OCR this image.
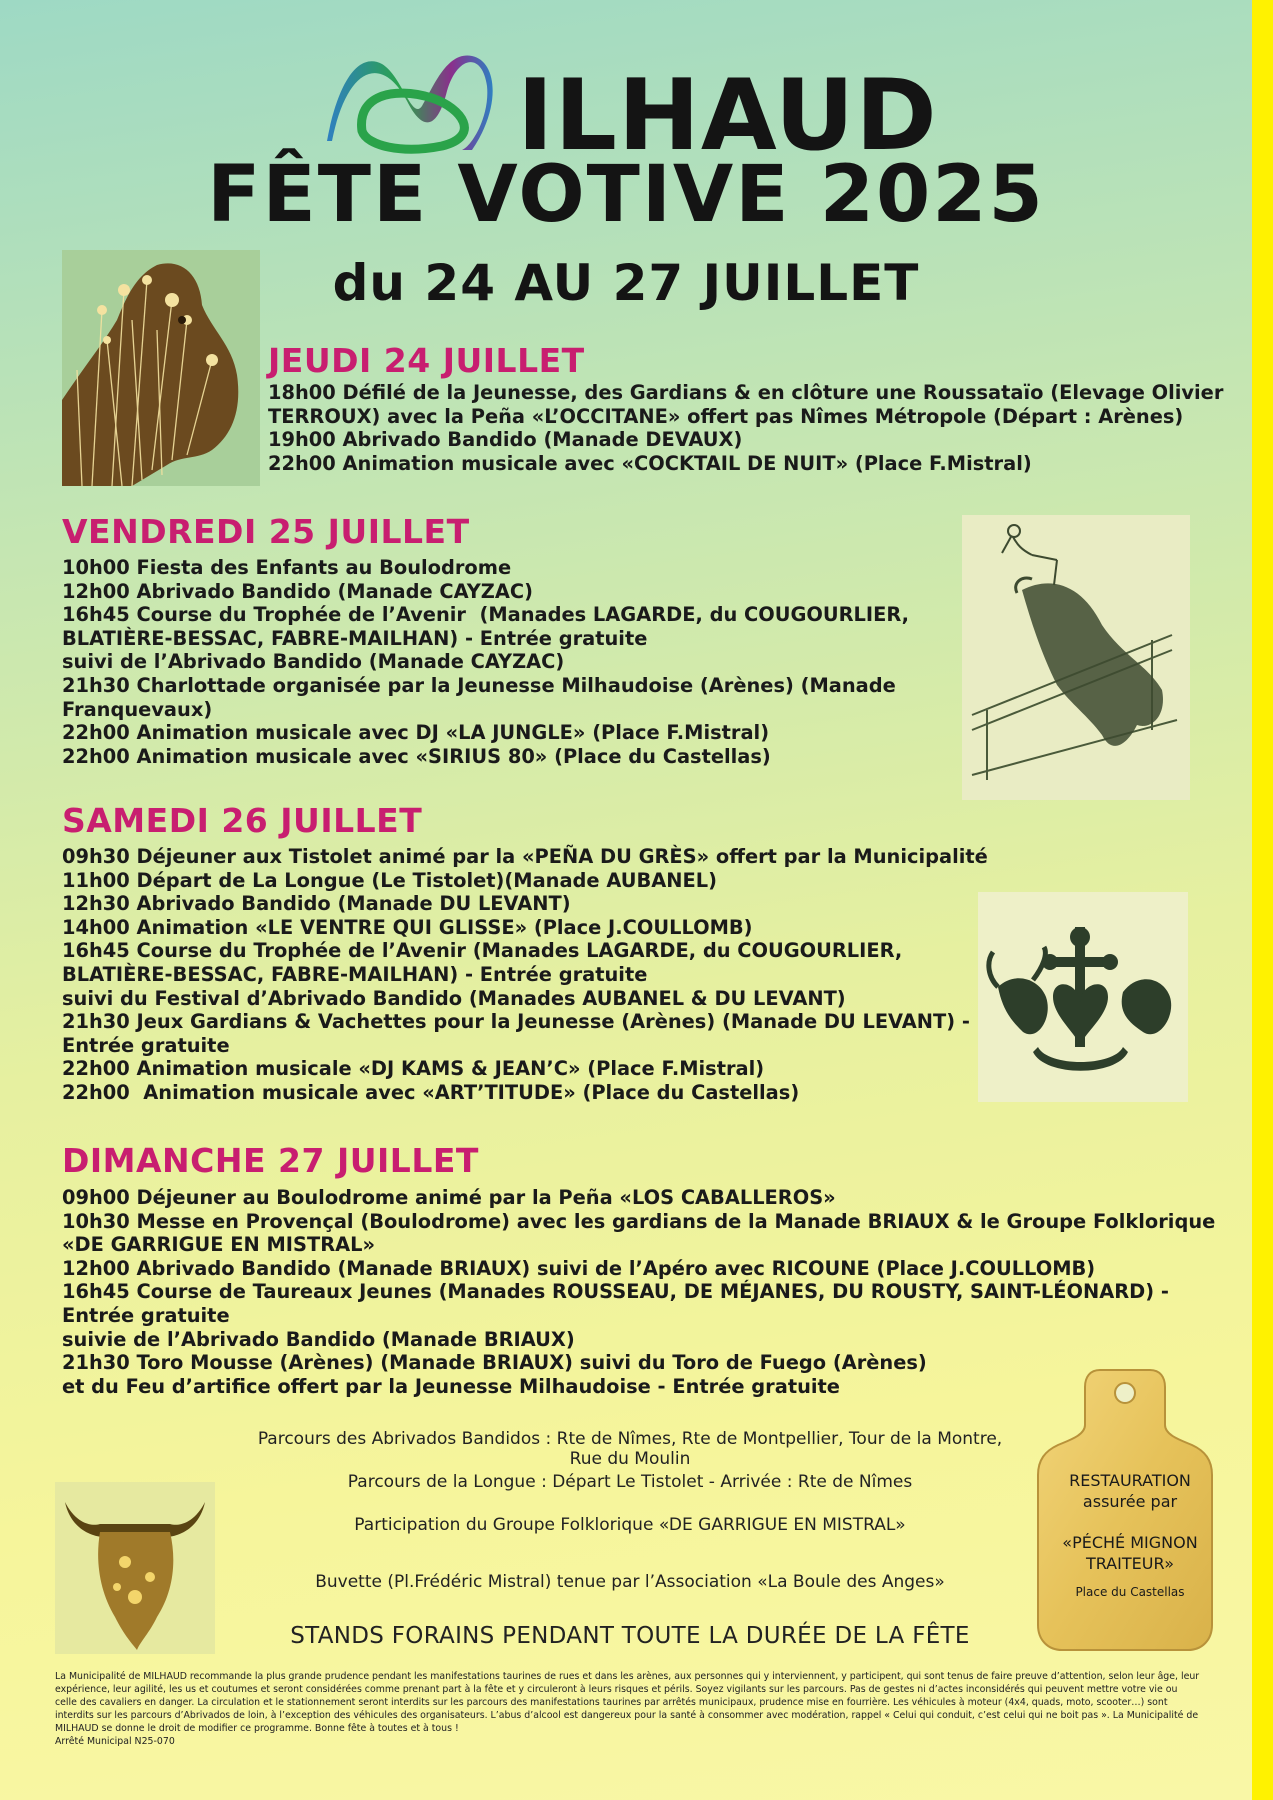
ILHAUD
FÊTE VOTIVE 2025
du 24 AU 27 JUILLET
JEUDI 24 JUILLET
18h00 Défilé de la Jeunesse, des Gardians & en clôture une Roussataïo (Elevage Olivier
TERROUX) avec la Peña «L’OCCITANE» offert pas Nîmes Métropole (Départ : Arènes)
19h00 Abrivado Bandido (Manade DEVAUX)
22h00 Animation musicale avec «COCKTAIL DE NUIT» (Place F.Mistral)
VENDREDI 25 JUILLET
10h00 Fiesta des Enfants au Boulodrome
12h00 Abrivado Bandido (Manade CAYZAC)
16h45 Course du Trophée de l’Avenir  (Manades LAGARDE, du COUGOURLIER,
BLATIÈRE-BESSAC, FABRE-MAILHAN) - Entrée gratuite
suivi de l’Abrivado Bandido (Manade CAYZAC)
21h30 Charlottade organisée par la Jeunesse Milhaudoise (Arènes) (Manade
Franquevaux)
22h00 Animation musicale avec DJ «LA JUNGLE» (Place F.Mistral)
22h00 Animation musicale avec «SIRIUS 80» (Place du Castellas)
SAMEDI 26 JUILLET
09h30 Déjeuner aux Tistolet animé par la «PEÑA DU GRÈS» offert par la Municipalité
11h00 Départ de La Longue (Le Tistolet)(Manade AUBANEL)
12h30 Abrivado Bandido (Manade DU LEVANT)
14h00 Animation «LE VENTRE QUI GLISSE» (Place J.COULLOMB)
16h45 Course du Trophée de l’Avenir (Manades LAGARDE, du COUGOURLIER,
BLATIÈRE-BESSAC, FABRE-MAILHAN) - Entrée gratuite
suivi du Festival d’Abrivado Bandido (Manades AUBANEL & DU LEVANT)
21h30 Jeux Gardians & Vachettes pour la Jeunesse (Arènes) (Manade DU LEVANT) -
Entrée gratuite
22h00 Animation musicale «DJ KAMS & JEAN’C» (Place F.Mistral)
22h00  Animation musicale avec «ART’TITUDE» (Place du Castellas)
DIMANCHE 27 JUILLET
09h00 Déjeuner au Boulodrome animé par la Peña «LOS CABALLEROS»
10h30 Messe en Provençal (Boulodrome) avec les gardians de la Manade BRIAUX & le Groupe Folklorique
«DE GARRIGUE EN MISTRAL»
12h00 Abrivado Bandido (Manade BRIAUX) suivi de l’Apéro avec RICOUNE (Place J.COULLOMB)
16h45 Course de Taureaux Jeunes (Manades ROUSSEAU, DE MÉJANES, DU ROUSTY, SAINT-LÉONARD) -
Entrée gratuite
suivie de l’Abrivado Bandido (Manade BRIAUX)
21h30 Toro Mousse (Arènes) (Manade BRIAUX) suivi du Toro de Fuego (Arènes)
et du Feu d’artifice offert par la Jeunesse Milhaudoise - Entrée gratuite
Parcours des Abrivados Bandidos : Rte de Nîmes, Rte de Montpellier, Tour de la Montre,
Rue du Moulin
Parcours de la Longue : Départ Le Tistolet - Arrivée : Rte de Nîmes
Participation du Groupe Folklorique «DE GARRIGUE EN MISTRAL»
Buvette (Pl.Frédéric Mistral) tenue par l’Association «La Boule des Anges»
STANDS FORAINS PENDANT TOUTE LA DURÉE DE LA FÊTE
RESTAURATION
assurée par
«PÉCHÉ MIGNON
TRAITEUR»
Place du Castellas
La Municipalité de MILHAUD recommande la plus grande prudence pendant les manifestations taurines de rues et dans les arènes, aux personnes qui y interviennent, y participent, qui sont tenus de faire preuve d’attention, selon leur âge, leur expérience, leur agilité, les us et coutumes et seront considérées comme prenant part à la fête et y circuleront à leurs risques et périls. Soyez vigilants sur les parcours. Pas de gestes ni d’actes inconsidérés qui peuvent mettre votre vie ou celle des cavaliers en danger. La circulation et le stationnement seront interdits sur les parcours des manifestations taurines par arrêtés municipaux, prudence mise en fourrière. Les véhicules à moteur (4x4, quads, moto, scooter…) sont interdits sur les parcours d’Abrivados de loin, à l’exception des véhicules des organisateurs. L’abus d’alcool est dangereux pour la santé à consommer avec modération, rappel « Celui qui conduit, c’est celui qui ne boit pas ». La Municipalité de MILHAUD se donne le droit de modifier ce programme. Bonne fête à toutes et à tous !
Arrêté Municipal N25-070
